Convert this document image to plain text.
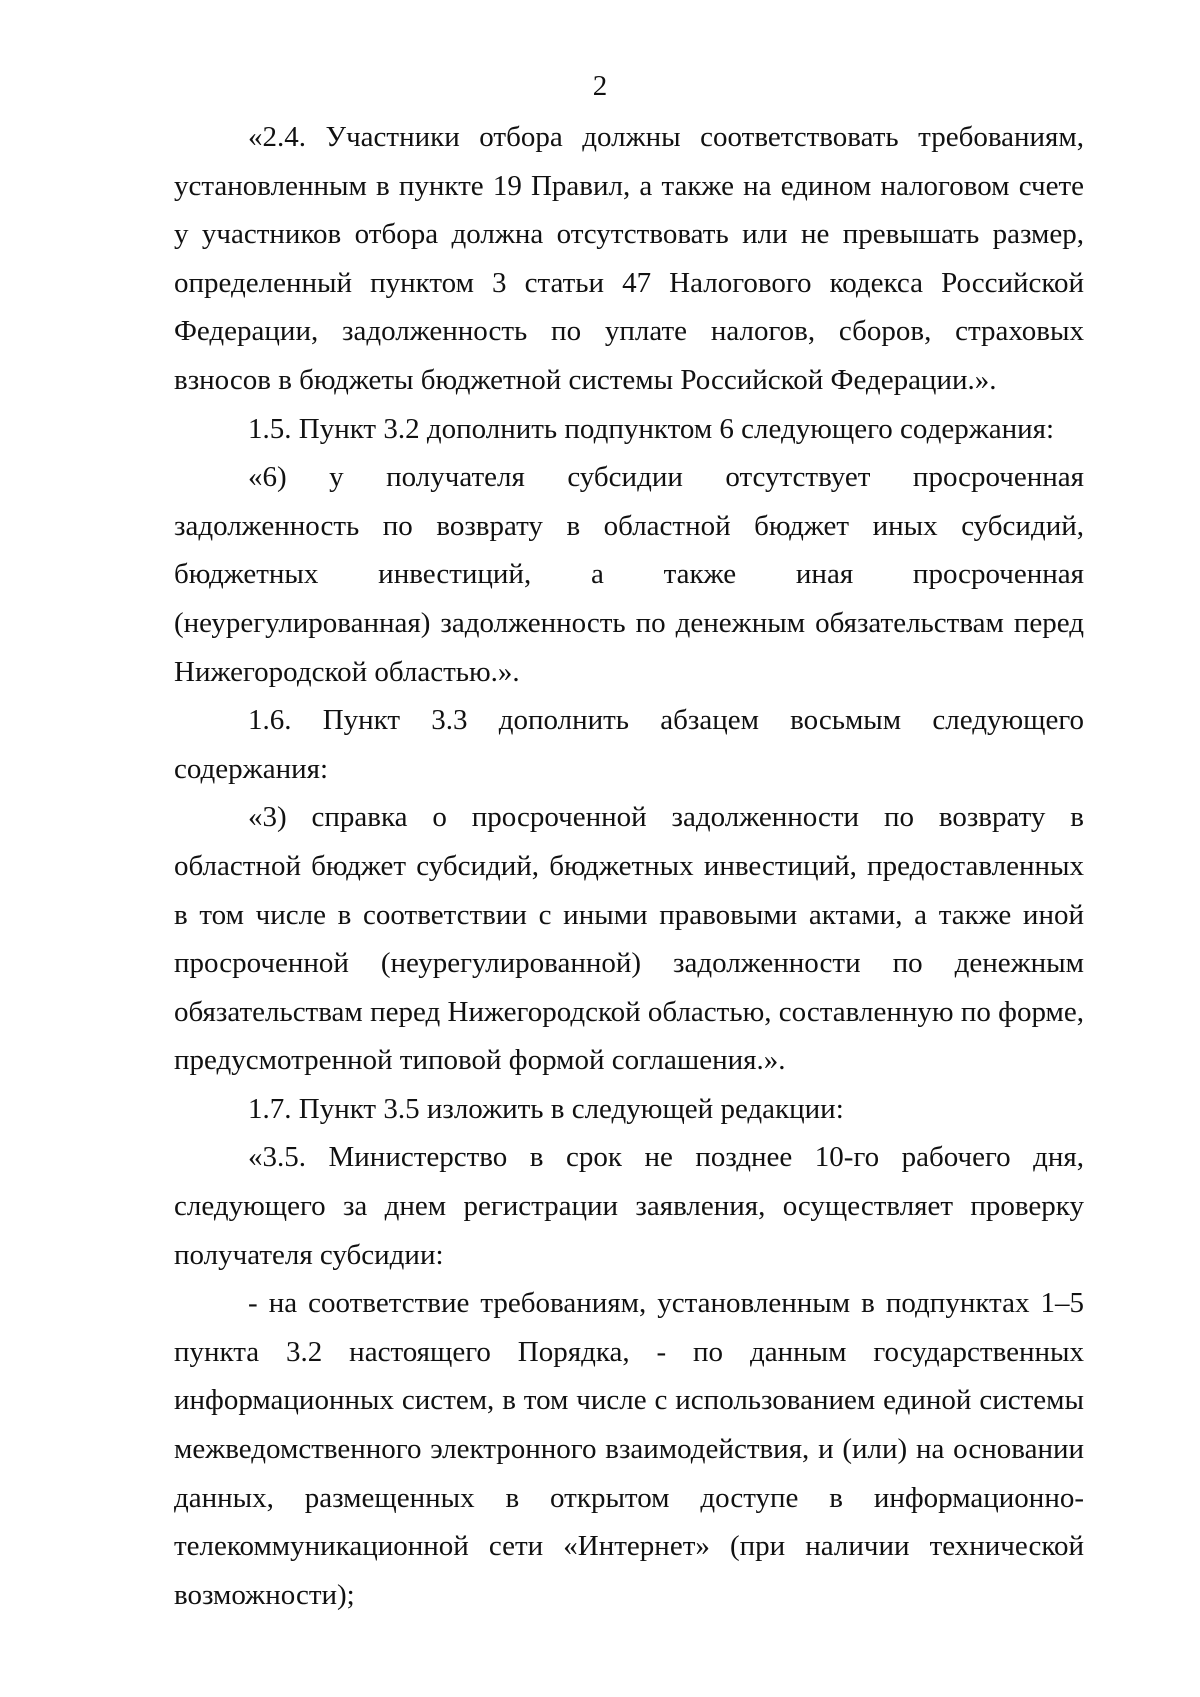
2

«2.4. Участники отбора должны соответствовать требованиям, установленным в пункте 19 Правил, а также на едином налоговом счете у участников отбора должна отсутствовать или не превышать размер, определенный пунктом 3 статьи 47 Налогового кодекса Российской Федерации, задолженность по уплате налогов, сборов, страховых взносов в бюджеты бюджетной системы Российской Федерации.».

1.5. Пункт 3.2 дополнить подпунктом 6 следующего содержания:

«6) у получателя субсидии отсутствует просроченная задолженность по возврату в областной бюджет иных субсидий, бюджетных инвестиций, а также иная просроченная (неурегулированная) задолженность по денежным обязательствам перед Нижегородской областью.».

1.6. Пункт 3.3 дополнить абзацем восьмым следующего содержания:

«3) справка о просроченной задолженности по возврату в областной бюджет субсидий, бюджетных инвестиций, предоставленных в том числе в соответствии с иными правовыми актами, а также иной просроченной (неурегулированной) задолженности по денежным обязательствам перед Нижегородской областью, составленную по форме, предусмотренной типовой формой соглашения.».

1.7. Пункт 3.5 изложить в следующей редакции:

«3.5. Министерство в срок не позднее 10-го рабочего дня, следующего за днем регистрации заявления, осуществляет проверку получателя субсидии:

- на соответствие требованиям, установленным в подпунктах 1–5 пункта 3.2 настоящего Порядка, - по данным государственных информационных систем, в том числе с использованием единой системы межведомственного электронного взаимодействия, и (или) на основании данных, размещенных в открытом доступе в информационно-телекоммуникационной сети «Интернет» (при наличии технической возможности);
